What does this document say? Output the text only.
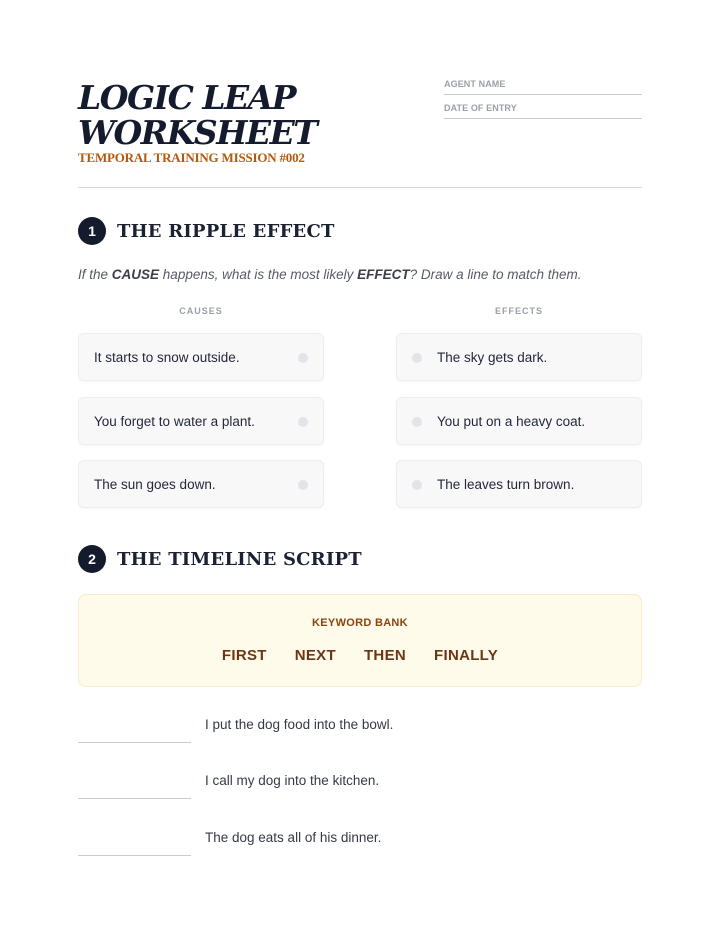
LOGIC LEAP
WORKSHEET
TEMPORAL TRAINING MISSION #002
AGENT NAME
DATE OF ENTRY
1	THE RIPPLE EFFECT
If the CAUSE happens, what is the most likely EFFECT? Draw a line to match them.
CAUSES	EFFECTS
It starts to snow outside.
You forget to water a plant.
The sun goes down.
The sky gets dark.
You put on a heavy coat.
The leaves turn brown.
2	THE TIMELINE SCRIPT
KEYWORD BANK
FIRST NEXT THEN FINALLY
I put the dog food into the bowl.
I call my dog into the kitchen.
The dog eats all of his dinner.
